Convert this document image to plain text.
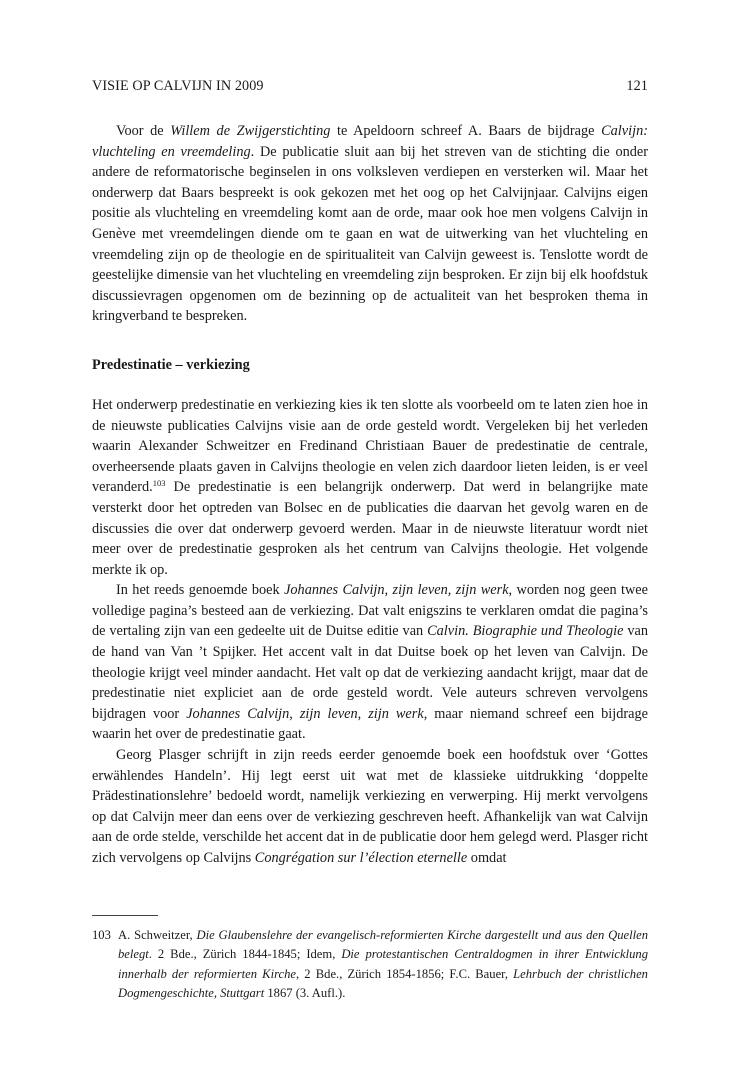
VISIE OP CALVIJN IN 2009	121

Voor de Willem de Zwijgerstichting te Apeldoorn schreef A. Baars de bijdrage Calvijn: vluchteling en vreemdeling. De publicatie sluit aan bij het streven van de stichting die onder andere de reformatorische beginselen in ons volksleven verdiepen en versterken wil. Maar het onderwerp dat Baars bespreekt is ook gekozen met het oog op het Calvijnjaar. Calvijns eigen positie als vluchteling en vreemdeling komt aan de orde, maar ook hoe men volgens Calvijn in Genève met vreemdelingen diende om te gaan en wat de uitwerking van het vluchteling en vreemdeling zijn op de theologie en de spiritualiteit van Calvijn geweest is. Tenslotte wordt de geestelijke dimensie van het vluchteling en vreemdeling zijn besproken. Er zijn bij elk hoofdstuk discussievragen opgenomen om de bezinning op de actualiteit van het besproken thema in kringverband te bespreken.

Predestinatie – verkiezing

Het onderwerp predestinatie en verkiezing kies ik ten slotte als voorbeeld om te laten zien hoe in de nieuwste publicaties Calvijns visie aan de orde gesteld wordt. Vergeleken bij het verleden waarin Alexander Schweitzer en Fredinand Christiaan Bauer de predestinatie de centrale, overheersende plaats gaven in Calvijns theologie en velen zich daardoor lieten leiden, is er veel veranderd.$^{103}$ De predestinatie is een belangrijk onderwerp. Dat werd in belangrijke mate versterkt door het optreden van Bolsec en de publicaties die daarvan het gevolg waren en de discussies die over dat onderwerp gevoerd werden. Maar in de nieuwste literatuur wordt niet meer over de predestinatie gesproken als het centrum van Calvijns theologie. Het volgende merkte ik op.

In het reeds genoemde boek Johannes Calvijn, zijn leven, zijn werk, worden nog geen twee volledige pagina’s besteed aan de verkiezing. Dat valt enigszins te verklaren omdat die pagina’s de vertaling zijn van een gedeelte uit de Duitse editie van Calvin. Biographie und Theologie van de hand van Van ’t Spijker. Het accent valt in dat Duitse boek op het leven van Calvijn. De theologie krijgt veel minder aandacht. Het valt op dat de verkiezing aandacht krijgt, maar dat de predestinatie niet expliciet aan de orde gesteld wordt. Vele auteurs schreven vervolgens bijdragen voor Johannes Calvijn, zijn leven, zijn werk, maar niemand schreef een bijdrage waarin het over de predestinatie gaat.

Georg Plasger schrijft in zijn reeds eerder genoemde boek een hoofdstuk over ‘Gottes erwählendes Handeln’. Hij legt eerst uit wat met de klassieke uitdrukking ‘doppelte Prädestinationslehre’ bedoeld wordt, namelijk verkiezing en verwerping. Hij merkt vervolgens op dat Calvijn meer dan eens over de verkiezing geschreven heeft. Afhankelijk van wat Calvijn aan de orde stelde, verschilde het accent dat in de publicatie door hem gelegd werd. Plasger richt zich vervolgens op Calvijns Congrégation sur l’élection eternelle omdat

103 A. Schweitzer, Die Glaubenslehre der evangelisch-reformierten Kirche dargestellt und aus den Quellen belegt. 2 Bde., Zürich 1844-1845; Idem, Die protestantischen Centraldogmen in ihrer Entwicklung innerhalb der reformierten Kirche, 2 Bde., Zürich 1854-1856; F.C. Bauer, Lehrbuch der christlichen Dogmengeschichte, Stuttgart 1867 (3. Aufl.).
